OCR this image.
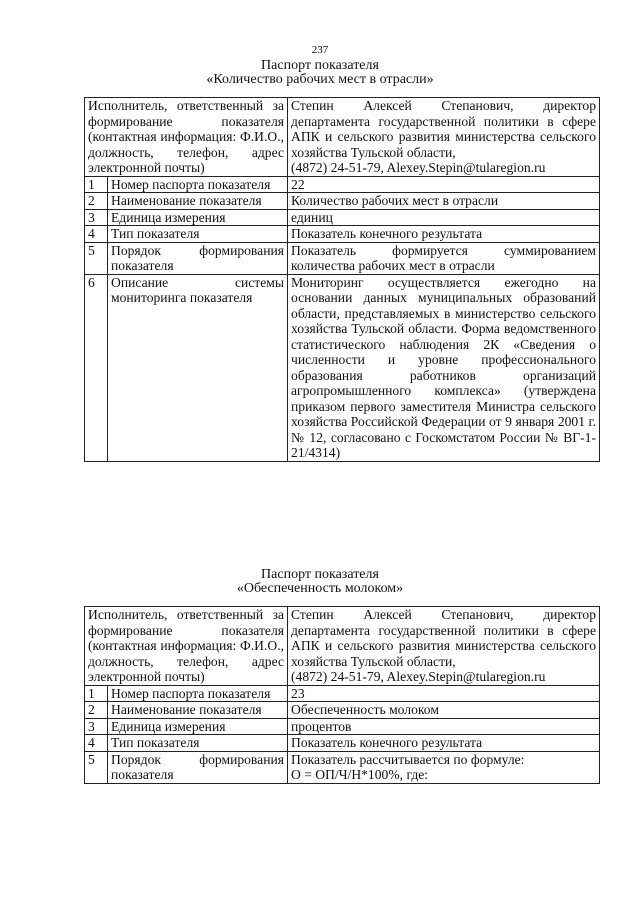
237
Паспорт показателя
«Количество рабочих мест в отрасли»
Исполнитель, ответственный за формирование показателя (контактная информация: Ф.И.О., должность, телефон, адрес электронной почты)		Степин Алексей Степанович, директор департамента государственной политики в сфере АПК и сельского развития министерства сельского хозяйства Тульской области,
(4872) 24-51-79, Alexey.Stepin@tularegion.ru

1	Номер паспорта показателя	22
2	Наименование показателя	Количество рабочих мест в отрасли
3	Единица измерения	единиц
4	Тип показателя	Показатель конечного результата
5	Порядок формирования показателя	Показатель формируется суммированием количества рабочих мест в отрасли
6	Описание системы мониторинга показателя	Мониторинг осуществляется ежегодно на основании данных муниципальных образований области, представляемых в министерство сельского хозяйства Тульской области. Форма ведомственного статистического наблюдения 2К «Сведения о численности и уровне профессионального образования работников организаций агропромышленного комплекса» (утверждена приказом первого заместителя Министра сельского хозяйства Российской Федерации от 9 января 2001 г. № 12, согласовано с Госкомстатом России № ВГ-1-21/4314)
Паспорт показателя
«Обеспеченность молоком»
Исполнитель, ответственный за формирование показателя (контактная информация: Ф.И.О., должность, телефон, адрес электронной почты)		Степин Алексей Степанович, директор департамента государственной политики в сфере АПК и сельского развития министерства сельского хозяйства Тульской области,
(4872) 24-51-79, Alexey.Stepin@tularegion.ru

1	Номер паспорта показателя	23
2	Наименование показателя	Обеспеченность молоком
3	Единица измерения	процентов
4	Тип показателя	Показатель конечного результата
5	Порядок формирования показателя	Показатель рассчитывается по формуле:
О = ОП/Ч/Н*100%, где:
